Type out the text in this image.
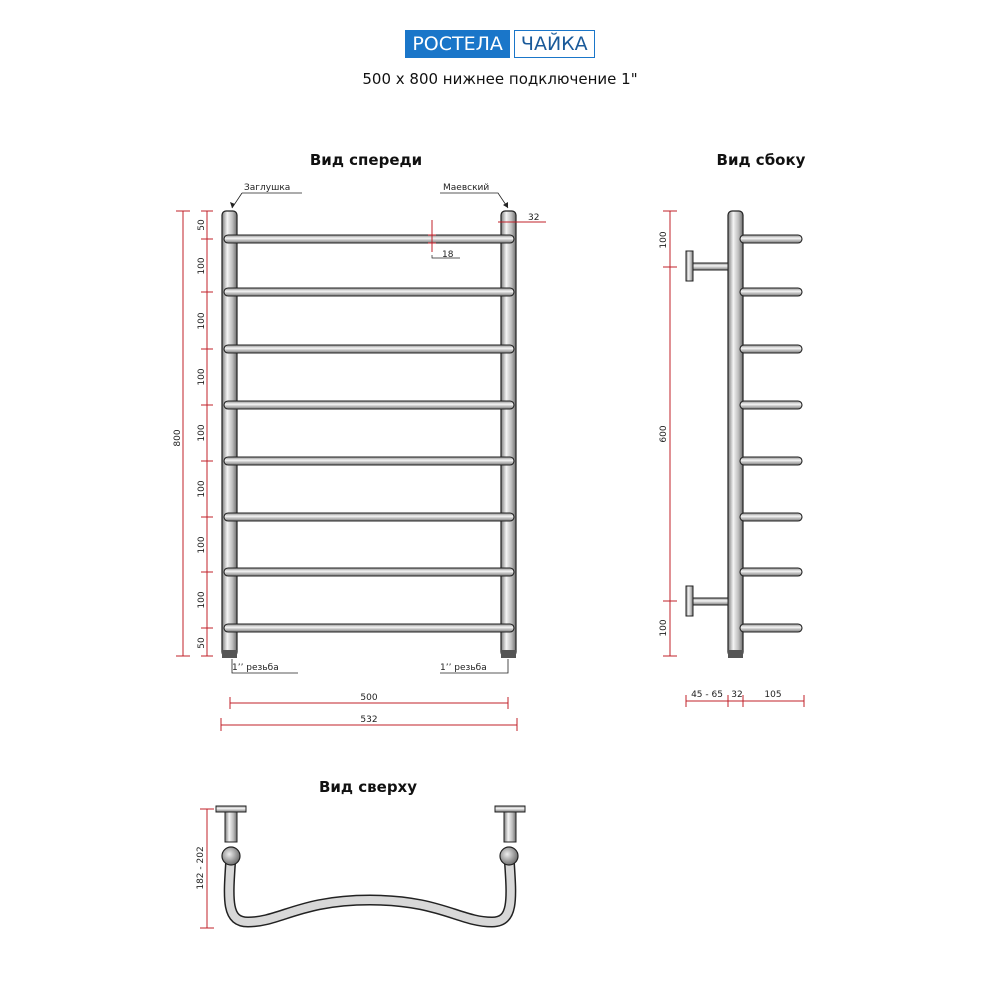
РОСТЕЛА ЧАЙКА
500 x 800 нижнее подключение 1"
Вид спереди	Вид сбоку
Вид сверху
Заглушка	Маевский
1’’ резьба	1’’ резьба
32
18
800
50
100
100
100
100
100
100
100
50
500
532
100
600
100
45 - 65 32 105
182 - 202
